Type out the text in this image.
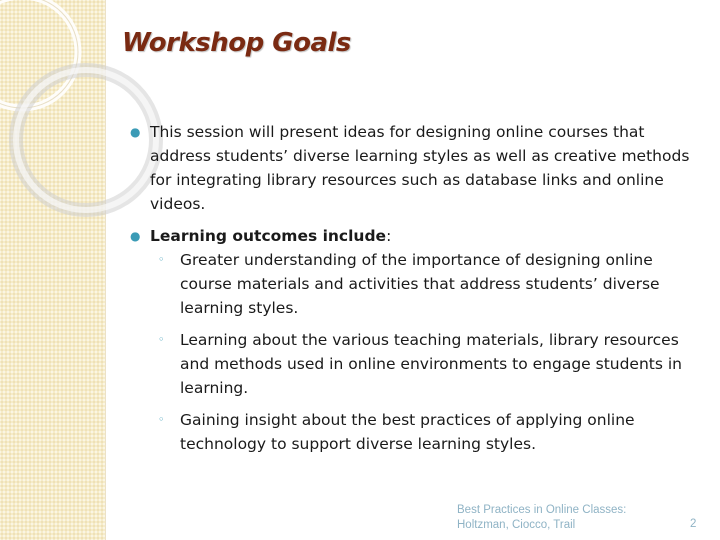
Workshop Goals
● This session will present ideas for designing online courses that address students’ diverse learning styles as well as creative methods for integrating library resources such as database links and online videos.
● Learning outcomes include:
◦ Greater understanding of the importance of designing online course materials and activities that address students’ diverse learning styles.
◦ Learning about the various teaching materials, library resources and methods used in online environments to engage students in learning.
◦ Gaining insight about the best practices of applying online technology to support diverse learning styles.
Best Practices in Online Classes:
Holtzman, Ciocco, Trail	2
